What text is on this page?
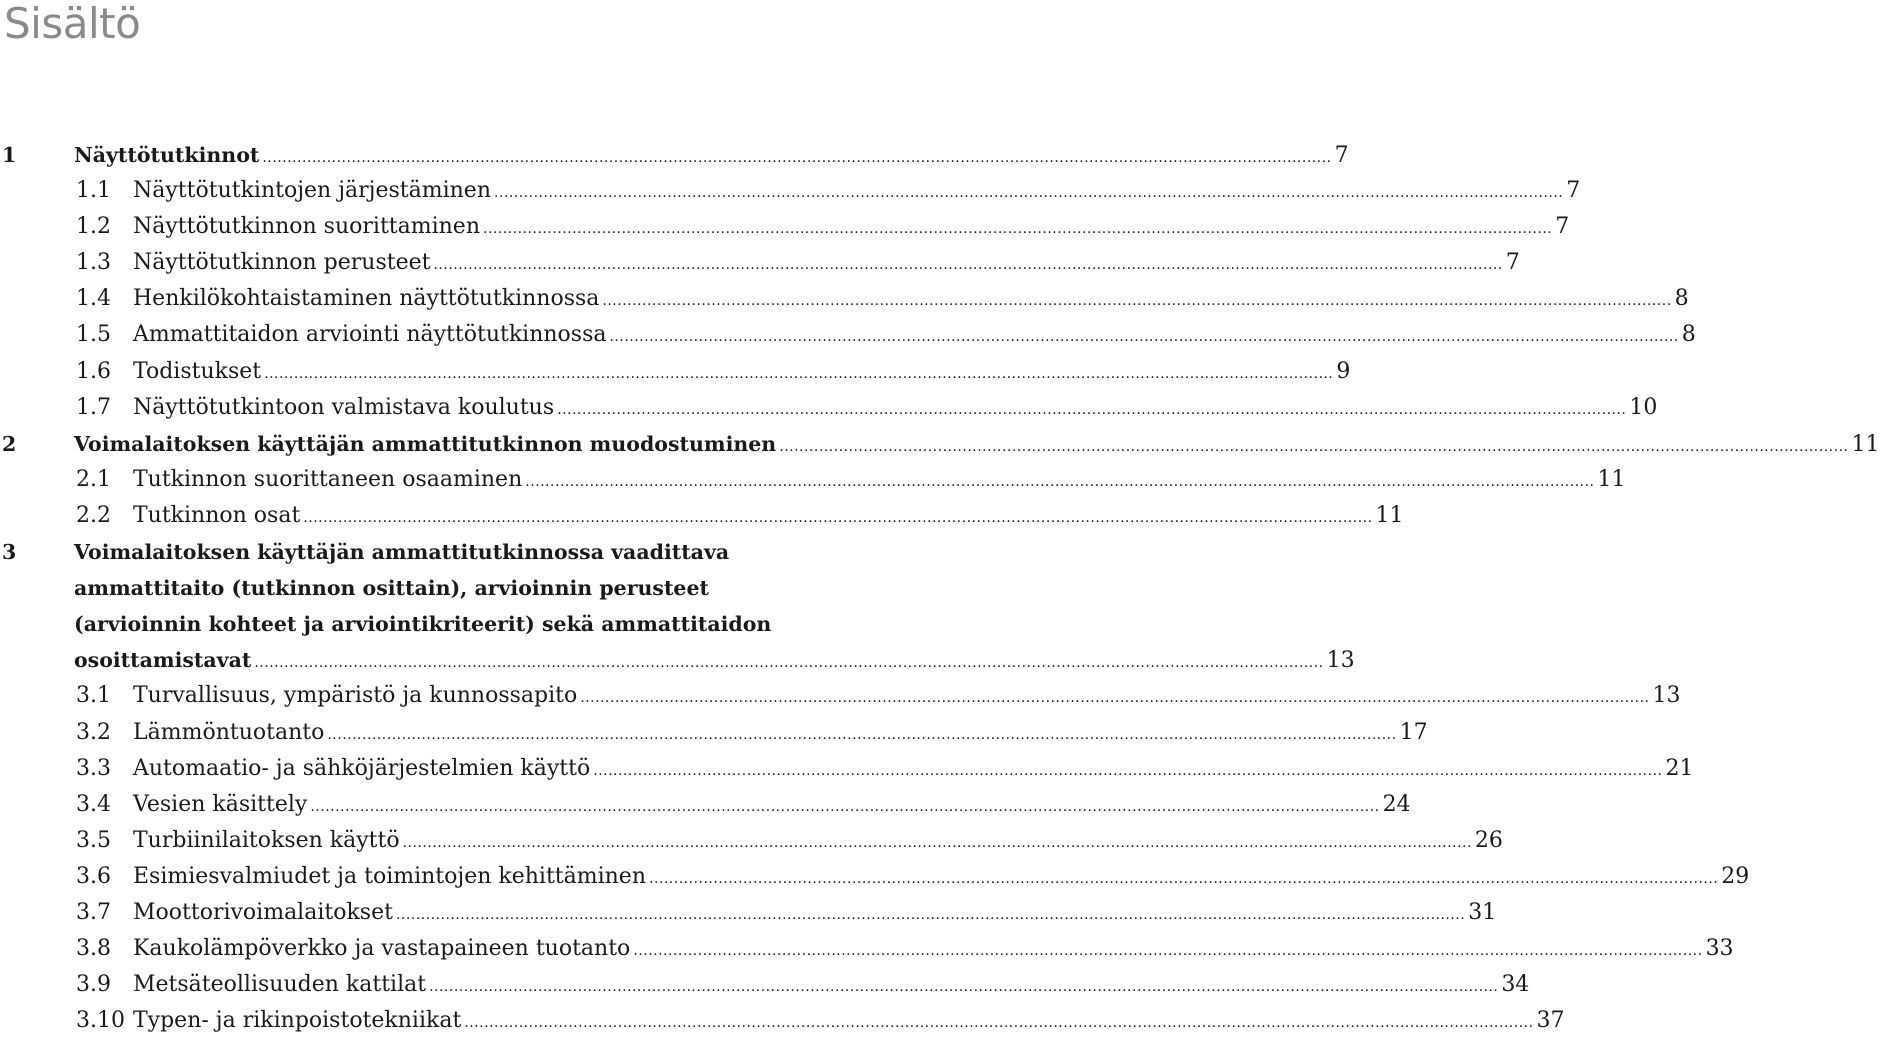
Sisältö
1	Näyttötutkinnot .....	7
1.1	Näyttötutkintojen järjestäminen .....	7
1.2	Näyttötutkinnon suorittaminen .....	7
1.3	Näyttötutkinnon perusteet .....	7
1.4	Henkilökohtaistaminen näyttötutkinnossa .....	8
1.5	Ammattitaidon arviointi näyttötutkinnossa .....	8
1.6	Todistukset .....	9
1.7	Näyttötutkintoon valmistava koulutus .....	10
2	Voimalaitoksen käyttäjän ammattitutkinnon muodostuminen .....	11
2.1	Tutkinnon suorittaneen osaaminen .....	11
2.2	Tutkinnon osat .....	11
3	Voimalaitoksen käyttäjän ammattitutkinnossa vaadittava
ammattitaito (tutkinnon osittain), arvioinnin perusteet
(arvioinnin kohteet ja arviointikriteerit) sekä ammattitaidon
osoittamistavat .....	13
3.1	Turvallisuus, ympäristö ja kunnossapito .....	13
3.2	Lämmöntuotanto .....	17
3.3	Automaatio- ja sähköjärjestelmien käyttö .....	21
3.4	Vesien käsittely .....	24
3.5	Turbiinilaitoksen käyttö .....	26
3.6	Esimiesvalmiudet ja toimintojen kehittäminen .....	29
3.7	Moottorivoimalaitokset .....	31
3.8	Kaukolämpöverkko ja vastapaineen tuotanto .....	33
3.9	Metsäteollisuuden kattilat .....	34
3.10 Typen- ja rikinpoistotekniikat .....	37
